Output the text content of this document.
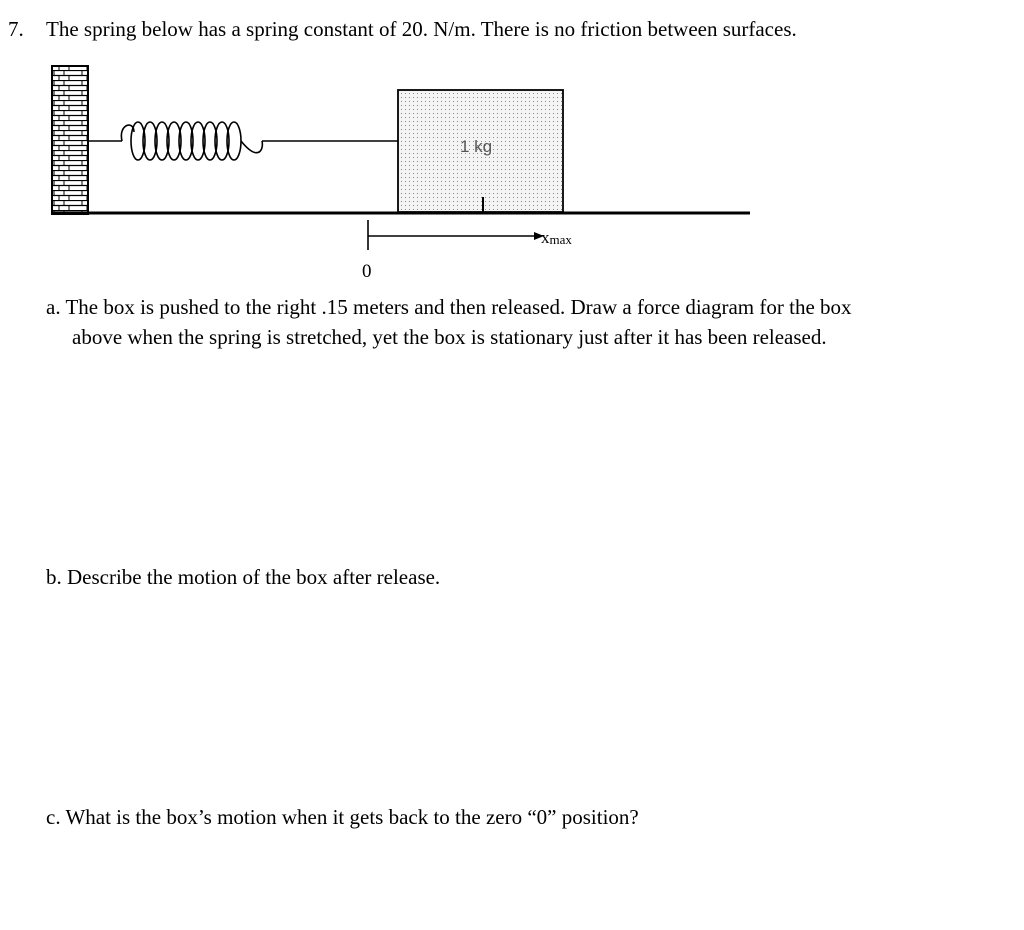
7. The spring below has a spring constant of 20. N/m. There is no friction between surfaces.
1 kg
xmax
0
a. The box is pushed to the right .15 meters and then released. Draw a force diagram for the box
above when the spring is stretched, yet the box is stationary just after it has been released.
b. Describe the motion of the box after release.
c. What is the box’s motion when it gets back to the zero “0” position?
